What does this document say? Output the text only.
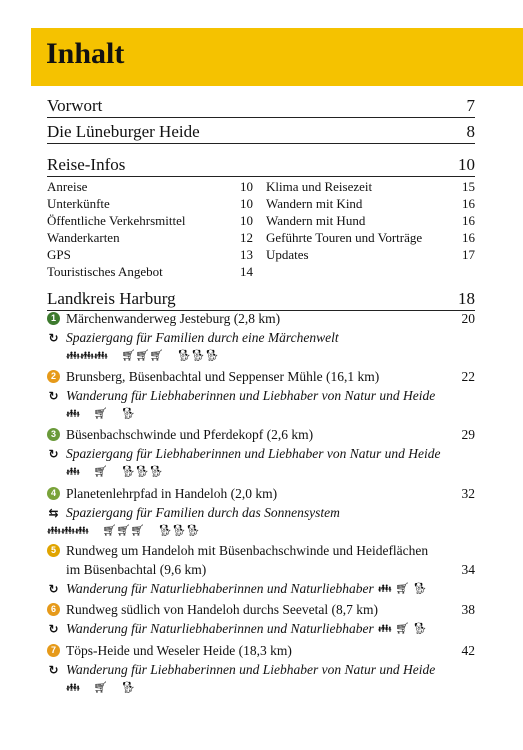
Inhalt
Vorwort	7
Die Lüneburger Heide	8
Reise-Infos	10
Anreise	10
Unterkünfte	10
Öffentliche Verkehrsmittel	10
Wanderkarten	12
GPS	13
Touristisches Angebot	14
Klima und Reisezeit	15
Wandern mit Kind	16
Wandern mit Hund	16
Geführte Touren und Vorträge	16
Updates	17
Landkreis Harburg	18
1 Märchenwanderweg Jesteburg (2,8 km)	20
↻ Spaziergang für Familien durch eine Märchenwelt
👪︎👪︎👪︎ 🛒︎🛒︎🛒︎ 🐕︎🐕︎🐕︎
2 Brunsberg, Büsenbachtal und Seppenser Mühle (16,1 km)	22
↻ Wanderung für Liebhaberinnen und Liebhaber von Natur und Heide
👪︎ 🛒︎ 🐕︎
3 Büsenbachschwinde und Pferdekopf (2,6 km)	29
↻ Spaziergang für Liebhaberinnen und Liebhaber von Natur und Heide
👪︎ 🛒︎ 🐕︎🐕︎🐕︎
4 Planetenlehrpfad in Handeloh (2,0 km)	32
⇆ Spaziergang für Familien durch das Sonnensystem
👪︎👪︎👪︎ 🛒︎🛒︎🛒︎ 🐕︎🐕︎🐕︎
5 Rundweg um Handeloh mit Büsenbachschwinde und Heideflächen
im Büsenbachtal (9,6 km)	34
↻ Wanderung für Naturliebhaberinnen und Naturliebhaber 👪︎ 🛒︎ 🐕︎
6 Rundweg südlich von Handeloh durchs Seevetal (8,7 km)	38
↻ Wanderung für Naturliebhaberinnen und Naturliebhaber 👪︎ 🛒︎ 🐕︎
7 Töps-Heide und Weseler Heide (18,3 km)	42
↻ Wanderung für Liebhaberinnen und Liebhaber von Natur und Heide
👪︎ 🛒︎ 🐕︎
